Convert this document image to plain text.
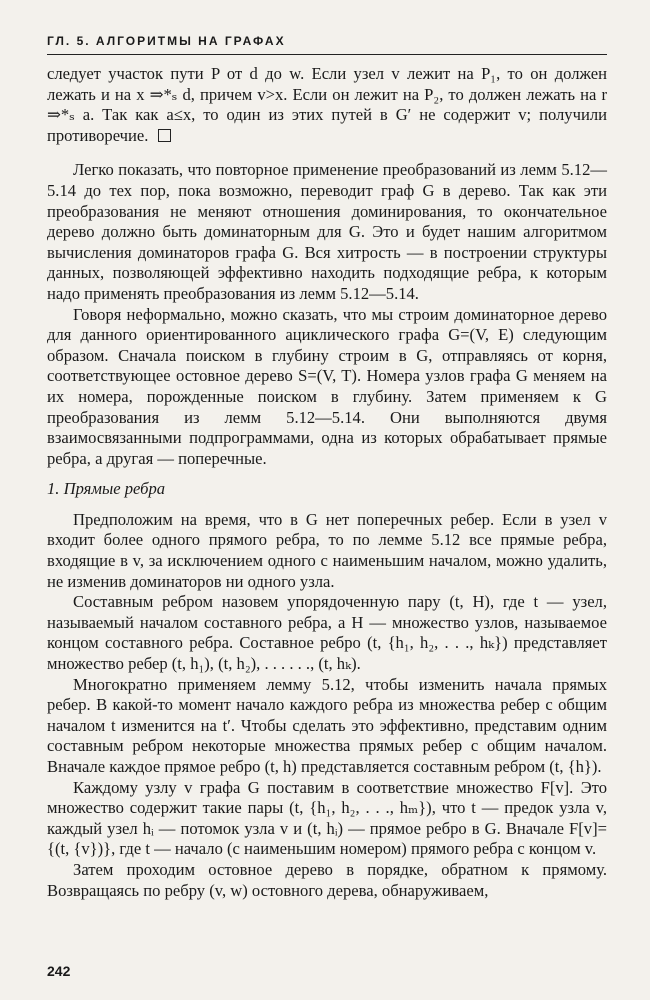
ГЛ. 5. АЛГОРИТМЫ НА ГРАФАХ

следует участок пути P от d до w. Если узел v лежит на P₁, то он должен лежать и на x ⇒*ₛ d, причем v>x. Если он лежит на P₂, то должен лежать на r ⇒*ₛ a. Так как a≤x, то один из этих путей в G′ не содержит v; получили противоречие.

Легко показать, что повторное применение преобразований из лемм 5.12—5.14 до тех пор, пока возможно, переводит граф G в дерево. Так как эти преобразования не меняют отношения доминирования, то окончательное дерево должно быть доминаторным для G. Это и будет нашим алгоритмом вычисления доминаторов графа G. Вся хитрость — в построении структуры данных, позволяющей эффективно находить подходящие ребра, к которым надо применять преобразования из лемм 5.12—5.14.

Говоря неформально, можно сказать, что мы строим доминаторное дерево для данного ориентированного ациклического графа G=(V, E) следующим образом. Сначала поиском в глубину строим в G, отправляясь от корня, соответствующее остовное дерево S=(V, T). Номера узлов графа G меняем на их номера, порожденные поиском в глубину. Затем применяем к G преобразования из лемм 5.12—5.14. Они выполняются двумя взаимосвязанными подпрограммами, одна из которых обрабатывает прямые ребра, а другая — поперечные.

1. Прямые ребра

Предположим на время, что в G нет поперечных ребер. Если в узел v входит более одного прямого ребра, то по лемме 5.12 все прямые ребра, входящие в v, за исключением одного с наименьшим началом, можно удалить, не изменив доминаторов ни одного узла.

Составным ребром назовем упорядоченную пару (t, H), где t — узел, называемый началом составного ребра, а H — множество узлов, называемое концом составного ребра. Составное ребро (t, {h₁, h₂, . . ., hₖ}) представляет множество ребер (t, h₁), (t, h₂), . . . . . ., (t, hₖ).

Многократно применяем лемму 5.12, чтобы изменить начала прямых ребер. В какой-то момент начало каждого ребра из множества ребер с общим началом t изменится на t′. Чтобы сделать это эффективно, представим одним составным ребром некоторые множества прямых ребер с общим началом. Вначале каждое прямое ребро (t, h) представляется составным ребром (t, {h}).

Каждому узлу v графа G поставим в соответствие множество F[v]. Это множество содержит такие пары (t, {h₁, h₂, . . ., hₘ}), что t — предок узла v, каждый узел hᵢ — потомок узла v и (t, hᵢ) — прямое ребро в G. Вначале F[v]={(t, {v})}, где t — начало (с наименьшим номером) прямого ребра с концом v.

Затем проходим остовное дерево в порядке, обратном к прямому. Возвращаясь по ребру (v, w) остовного дерева, обнаруживаем,

242
